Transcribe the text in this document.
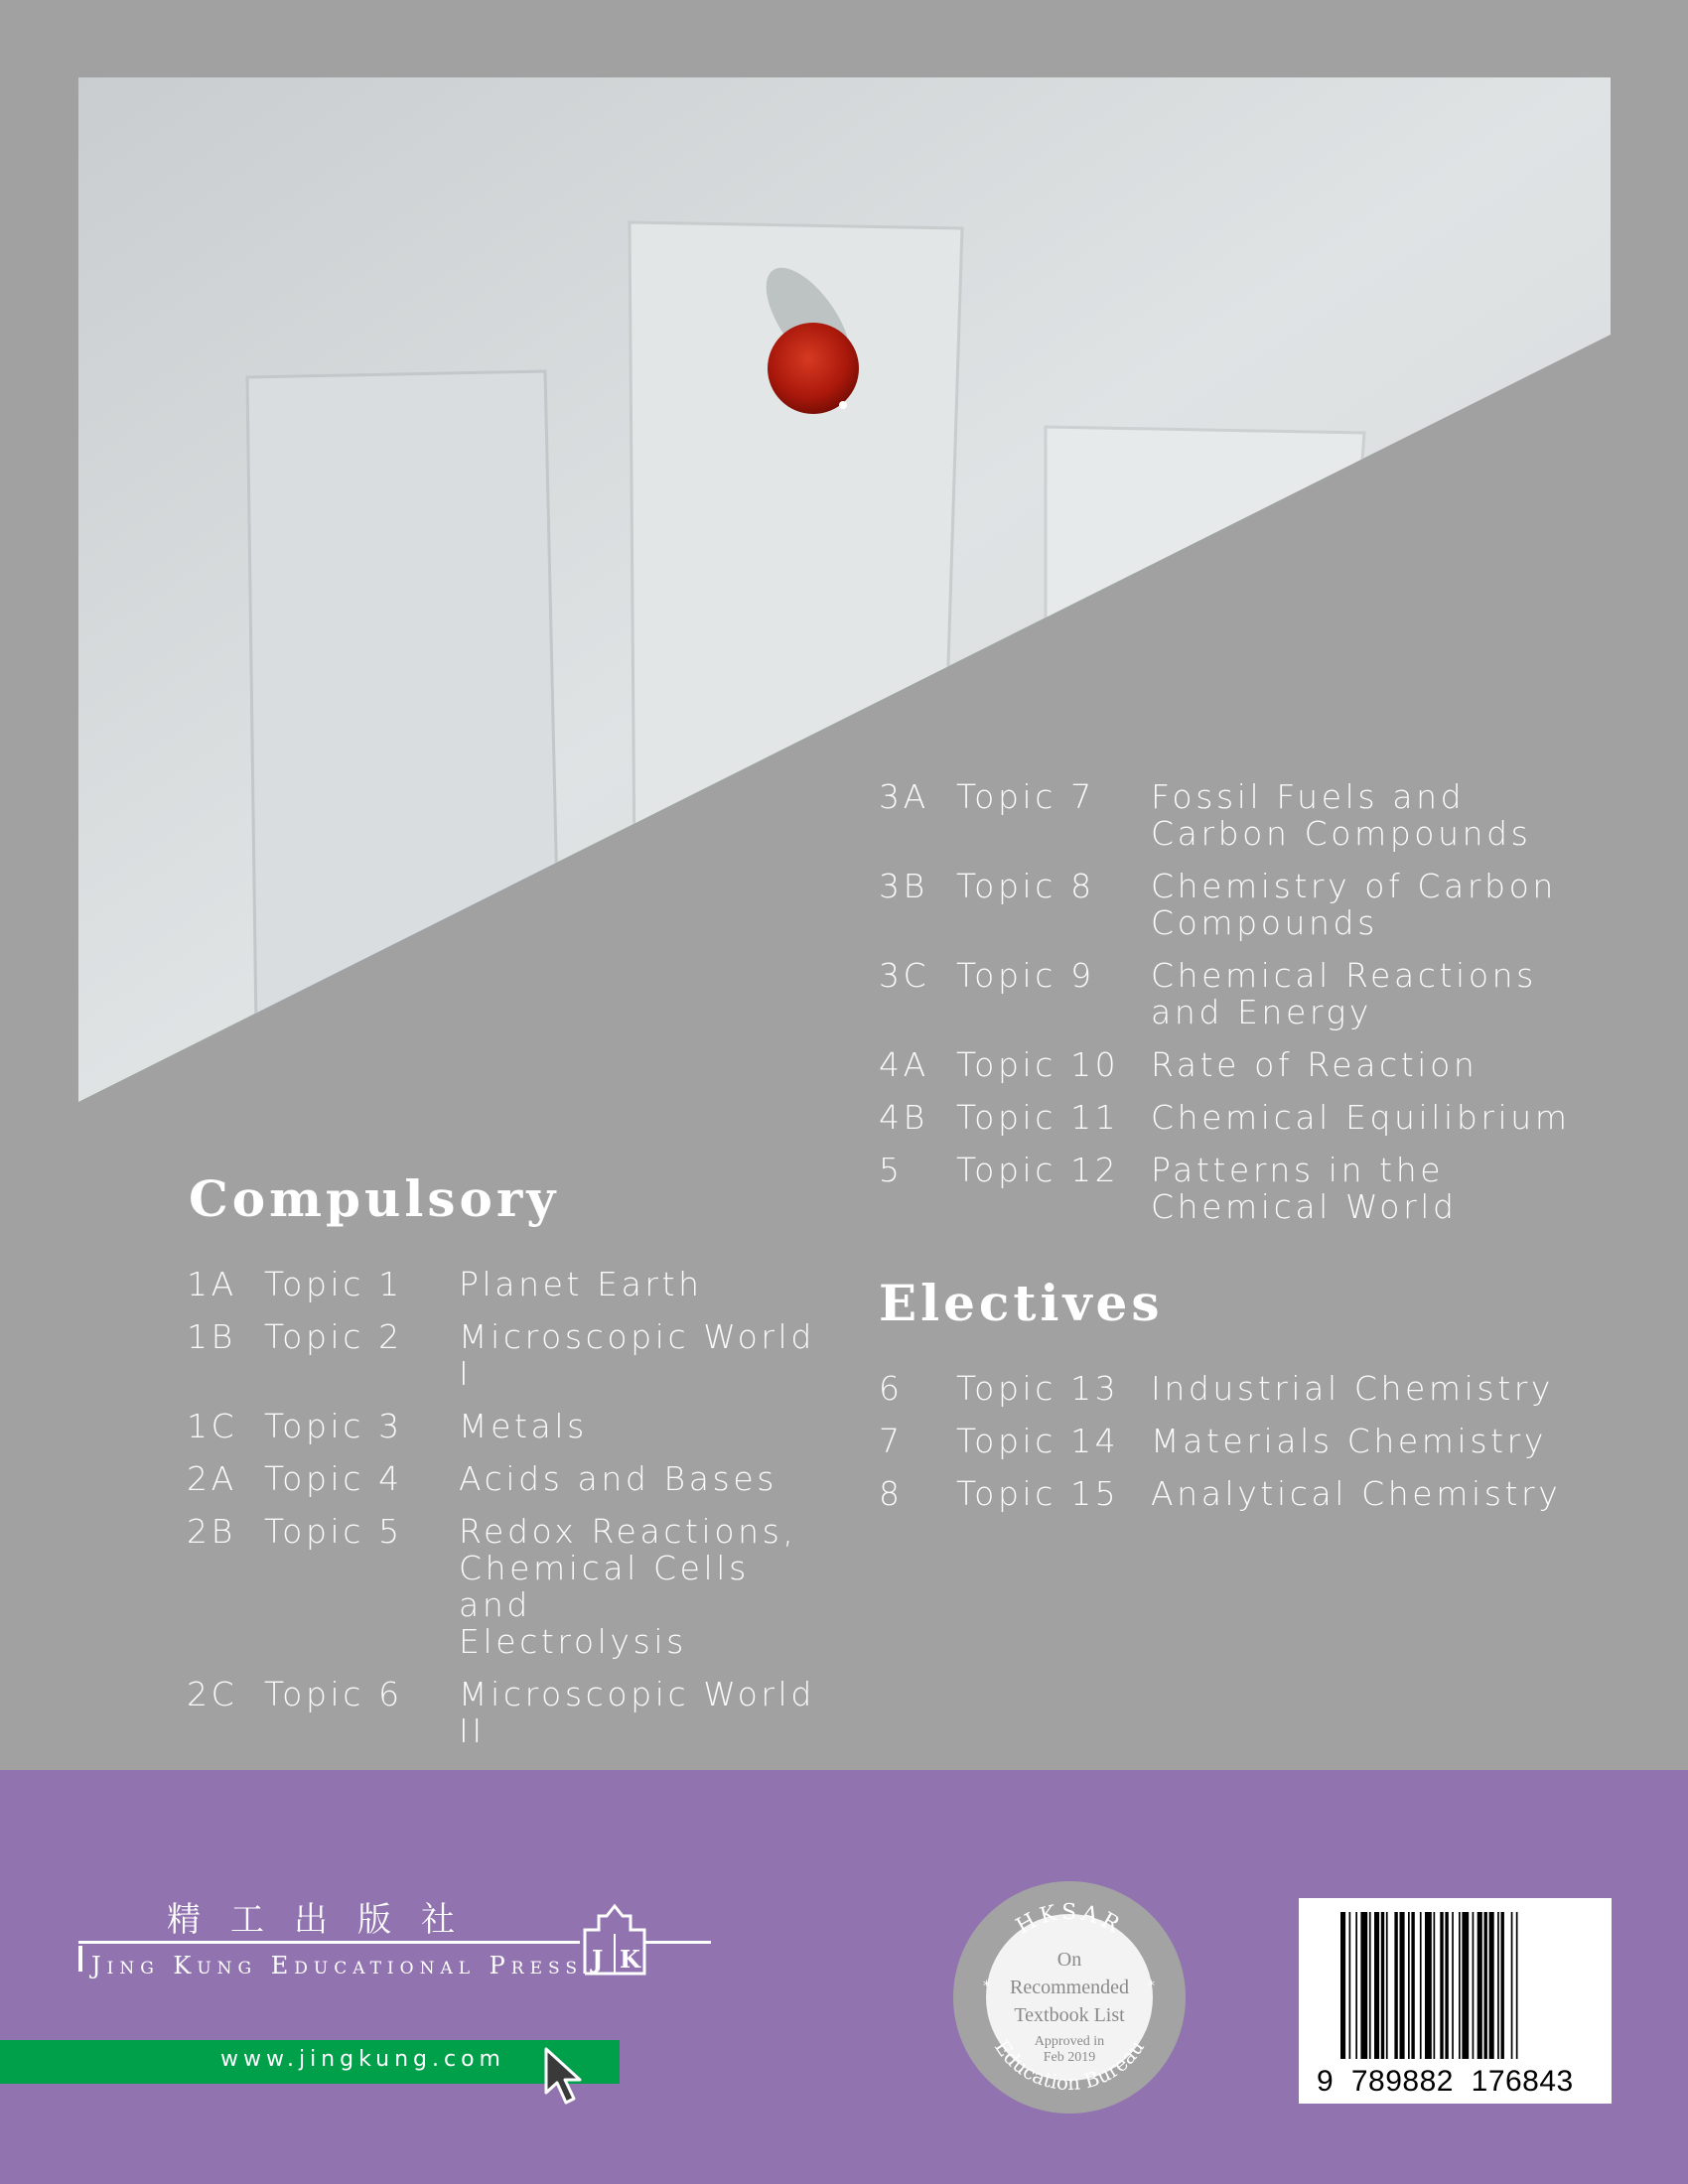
Compulsory
1A Topic 1	Planet Earth
1B Topic 2	Microscopic World I
1C Topic 3	Metals
2A Topic 4	Acids and Bases
2B Topic 5	Redox Reactions,
Chemical Cells and
Electrolysis
2C Topic 6	Microscopic World II
3A Topic 7	Fossil Fuels and
Carbon Compounds
3B Topic 8	Chemistry of Carbon
Compounds
3C Topic 9	Chemical Reactions
and Energy
4A Topic 10 Rate of Reaction
4B Topic 11 Chemical Equilibrium
5	Topic 12 Patterns in the
Chemical World
Electives
6	Topic 13 Industrial Chemistry
7	Topic 14 Materials Chemistry
8	Topic 15 Analytical Chemistry
精工出版社
Jing Kung Educational Press J K
www.jingkung.com
HKSAR
*	*
Education Bureau
On
Recommended
Textbook List
Approved in
Feb 2019
9  789882  176843
